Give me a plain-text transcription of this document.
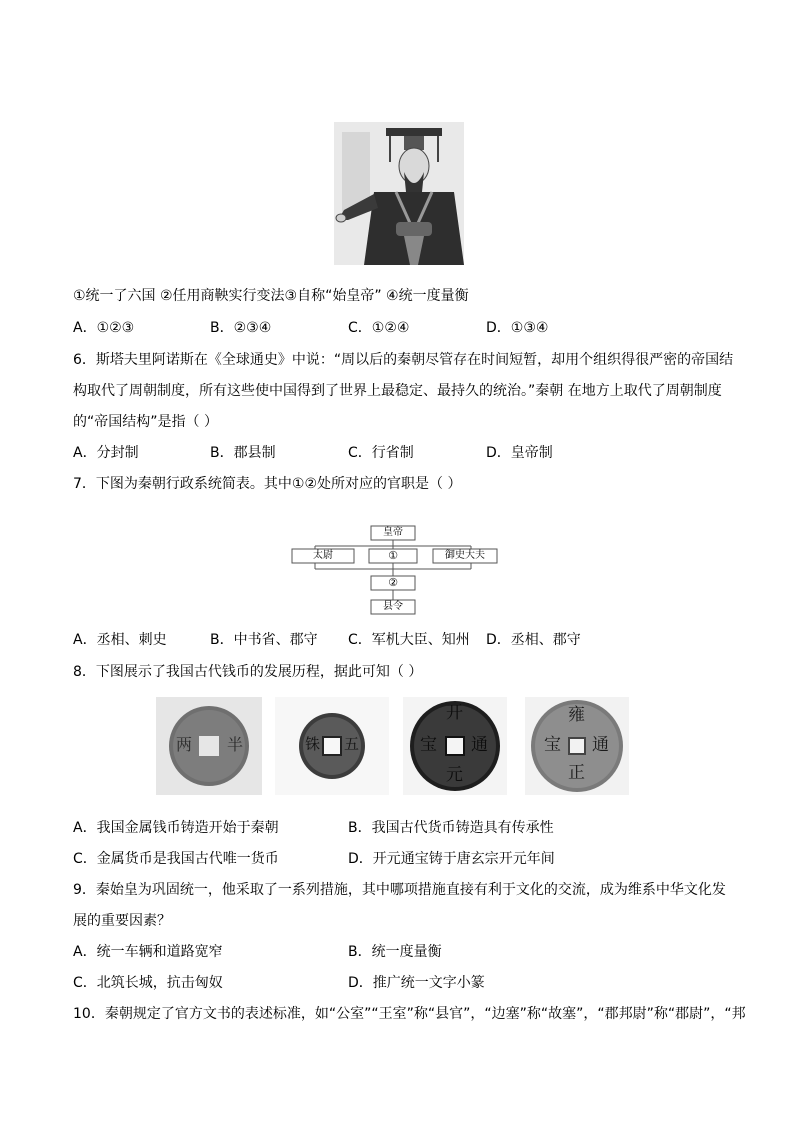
①统一了六国 ②任用商鞅实行变法③自称“始皇帝” ④统一度量衡
A．①②③	B．②③④	C．①②④	D．①③④
6．斯塔夫里阿诺斯在《全球通史》中说：“周以后的秦朝尽管存在时间短暂，却用个组织得很严密的帝国结
构取代了周朝制度，所有这些使中国得到了世界上最稳定、最持久的统治。”秦朝 在地方上取代了周朝制度
的“帝国结构”是指（ ）
A．分封制	B．郡县制	C．行省制	D．皇帝制
7．下图为秦朝行政系统简表。其中①②处所对应的官职是（ ）
皇帝
太尉	①	御史大夫
②
县令
A．丞相、刺史	B．中书省、郡守 C．军机大臣、知州 D．丞相、郡守
8．下图展示了我国古代钱币的发展历程，据此可知（ ）
半
两	五
铢
开
元
通
宝
雍
正
通
宝
A．我国金属钱币铸造开始于秦朝	B．我国古代货币铸造具有传承性
C．金属货币是我国古代唯一货币	D．开元通宝铸于唐玄宗开元年间
9．秦始皇为巩固统一，他采取了一系列措施，其中哪项措施直接有利于文化的交流，成为维系中华文化发
展的重要因素？
A．统一车辆和道路宽窄	B．统一度量衡
C．北筑长城，抗击匈奴	D．推广统一文字小篆
10．秦朝规定了官方文书的表述标准，如“公室”“王室”称“县官”，“边塞”称“故塞”，“郡邦尉”称“郡尉”，“邦
